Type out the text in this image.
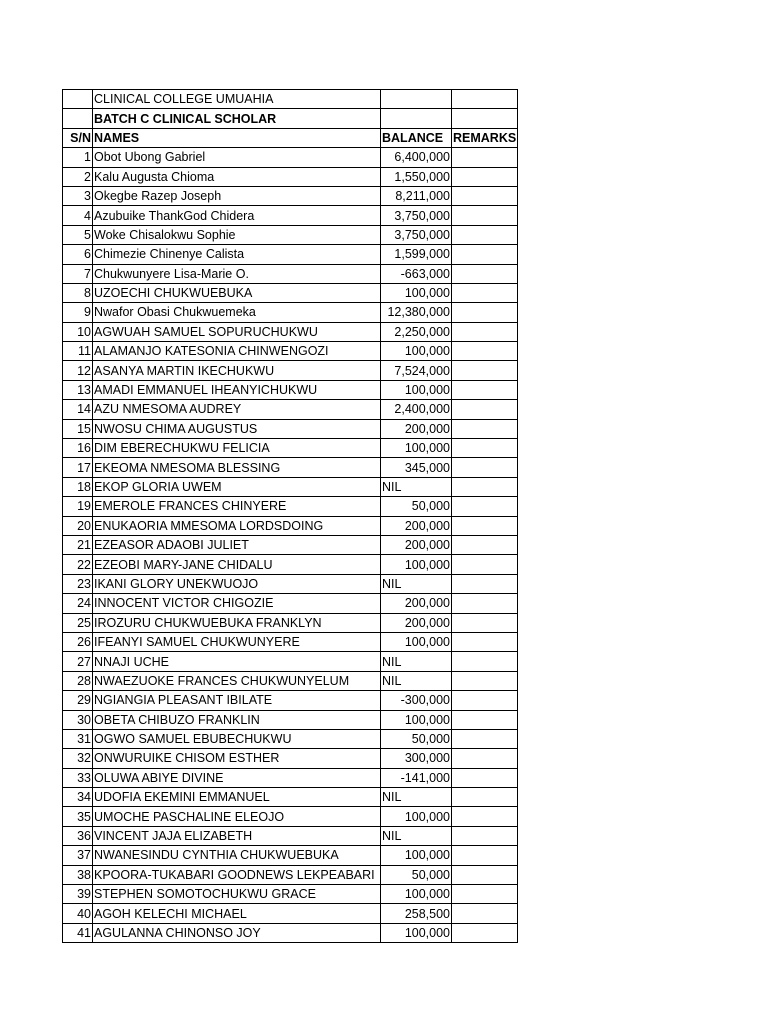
	CLINICAL COLLEGE UMUAHIA		
	BATCH C CLINICAL SCHOLAR		
S/N	NAMES	BALANCE	REMARKS
1	Obot Ubong Gabriel	6,400,000	
2	Kalu Augusta Chioma	1,550,000	
3	Okegbe Razep Joseph	8,211,000	
4	Azubuike ThankGod Chidera	3,750,000	
5	Woke Chisalokwu Sophie	3,750,000	
6	Chimezie Chinenye Calista	1,599,000	
7	Chukwunyere Lisa-Marie O.	-663,000	
8	UZOECHI CHUKWUEBUKA	100,000	
9	Nwafor Obasi Chukwuemeka	12,380,000	
10	AGWUAH SAMUEL SOPURUCHUKWU	2,250,000	
11	ALAMANJO KATESONIA CHINWENGOZI	100,000	
12	ASANYA MARTIN IKECHUKWU	7,524,000	
13	AMADI EMMANUEL IHEANYICHUKWU	100,000	
14	AZU NMESOMA AUDREY	2,400,000	
15	NWOSU CHIMA AUGUSTUS	200,000	
16	DIM EBERECHUKWU FELICIA	100,000	
17	EKEOMA NMESOMA BLESSING	345,000	
18	EKOP GLORIA UWEM	NIL	
19	EMEROLE FRANCES CHINYERE	50,000	
20	ENUKAORIA MMESOMA LORDSDOING	200,000	
21	EZEASOR ADAOBI JULIET	200,000	
22	EZEOBI MARY-JANE CHIDALU	100,000	
23	IKANI GLORY UNEKWUOJO	NIL	
24	INNOCENT VICTOR CHIGOZIE	200,000	
25	IROZURU CHUKWUEBUKA FRANKLYN	200,000	
26	IFEANYI SAMUEL CHUKWUNYERE	100,000	
27	NNAJI UCHE	NIL	
28	NWAEZUOKE FRANCES CHUKWUNYELUM	NIL	
29	NGIANGIA PLEASANT IBILATE	-300,000	
30	OBETA CHIBUZO FRANKLIN	100,000	
31	OGWO SAMUEL EBUBECHUKWU	50,000	
32	ONWURUIKE CHISOM ESTHER	300,000	
33	OLUWA ABIYE DIVINE	-141,000	
34	UDOFIA EKEMINI EMMANUEL	NIL	
35	UMOCHE PASCHALINE ELEOJO	100,000	
36	VINCENT JAJA ELIZABETH	NIL	
37	NWANESINDU CYNTHIA CHUKWUEBUKA	100,000	
38	KPOORA-TUKABARI GOODNEWS LEKPEABARI	50,000	
39	STEPHEN SOMOTOCHUKWU GRACE	100,000	
40	AGOH KELECHI MICHAEL	258,500	
41	AGULANNA CHINONSO JOY	100,000	
